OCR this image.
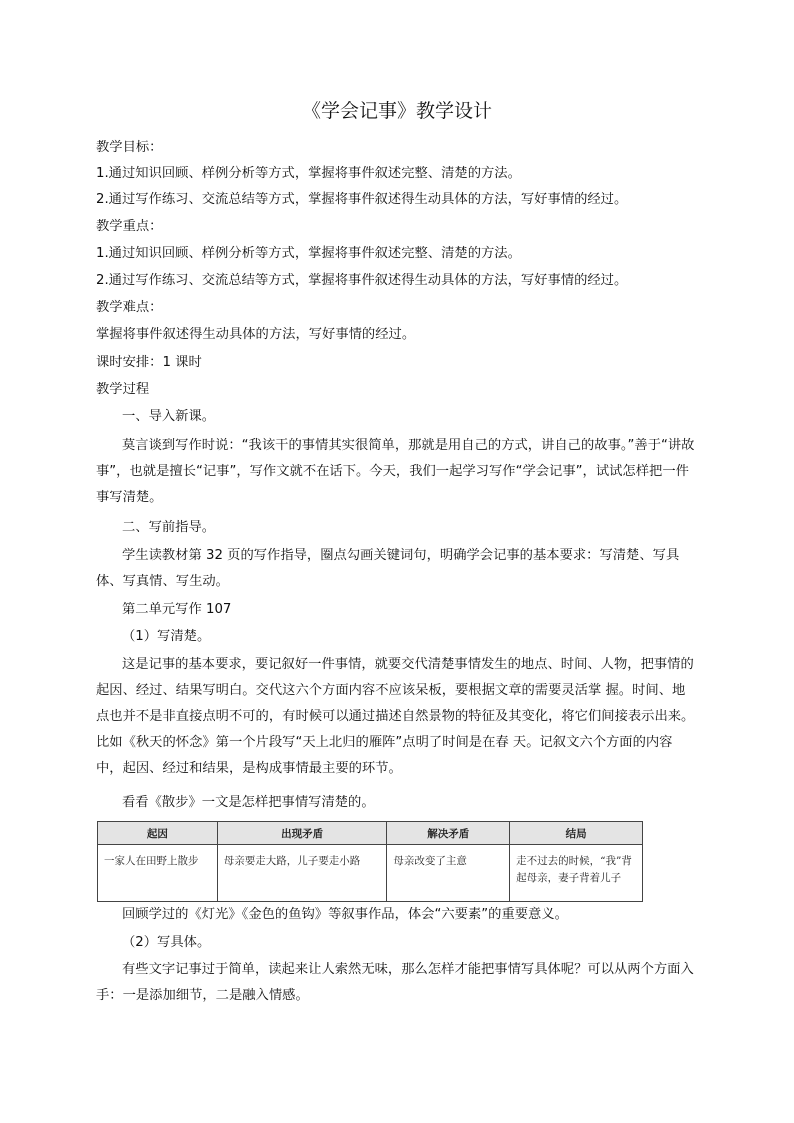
《学会记事》教学设计

教学目标：

1.通过知识回顾、样例分析等方式，掌握将事件叙述完整、清楚的方法。

2.通过写作练习、交流总结等方式，掌握将事件叙述得生动具体的方法，写好事情的经过。

教学重点：

1.通过知识回顾、样例分析等方式，掌握将事件叙述完整、清楚的方法。

2.通过写作练习、交流总结等方式，掌握将事件叙述得生动具体的方法，写好事情的经过。

教学难点：

掌握将事件叙述得生动具体的方法，写好事情的经过。

课时安排：1 课时

教学过程

一、导入新课。

莫言谈到写作时说：“我该干的事情其实很简单，那就是用自己的方式，讲自己的故事。”善于“讲故事”，也就是擅长“记事”，写作文就不在话下。今天，我们一起学习写作“学会记事”，试试怎样把一件事写清楚。

二、写前指导。

学生读教材第 32 页的写作指导，圈点勾画关键词句，明确学会记事的基本要求：写清楚、写具体、写真情、写生动。

第二单元写作 107

（1）写清楚。

这是记事的基本要求，要记叙好一件事情，就要交代清楚事情发生的地点、时间、人物，把事情的起因、经过、结果写明白。交代这六个方面内容不应该呆板，要根据文章的需要灵活掌 握。时间、地点也并不是非直接点明不可的，有时候可以通过描述自然景物的特征及其变化，将它们间接表示出来。比如《秋天的怀念》第一个片段写“天上北归的雁阵”点明了时间是在春 天。记叙文六个方面的内容中，起因、经过和结果，是构成事情最主要的环节。

看看《散步》一文是怎样把事情写清楚的。

起因	出现矛盾	解决矛盾	结局
一家人在田野上散步	母亲要走大路，儿子要走小路	母亲改变了主意	走不过去的时候，“我”背起母亲，妻子背着儿子

回顾学过的《灯光》《金色的鱼钩》等叙事作品，体会“六要素”的重要意义。

（2）写具体。

有些文字记事过于简单，读起来让人索然无味，那么怎样才能把事情写具体呢？可以从两个方面入手：一是添加细节，二是融入情感。
